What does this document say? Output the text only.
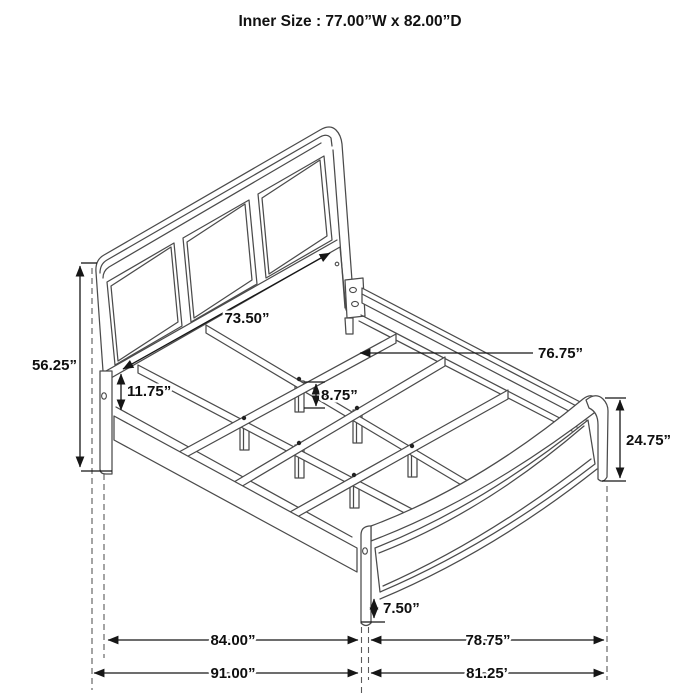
Inner Size : 77.00”W x 82.00”D
56.25”
73.50”
11.75”	8.75”
76.75”
24.75”
7.50”
84.00”	78.75”
91.00”	81.25’
